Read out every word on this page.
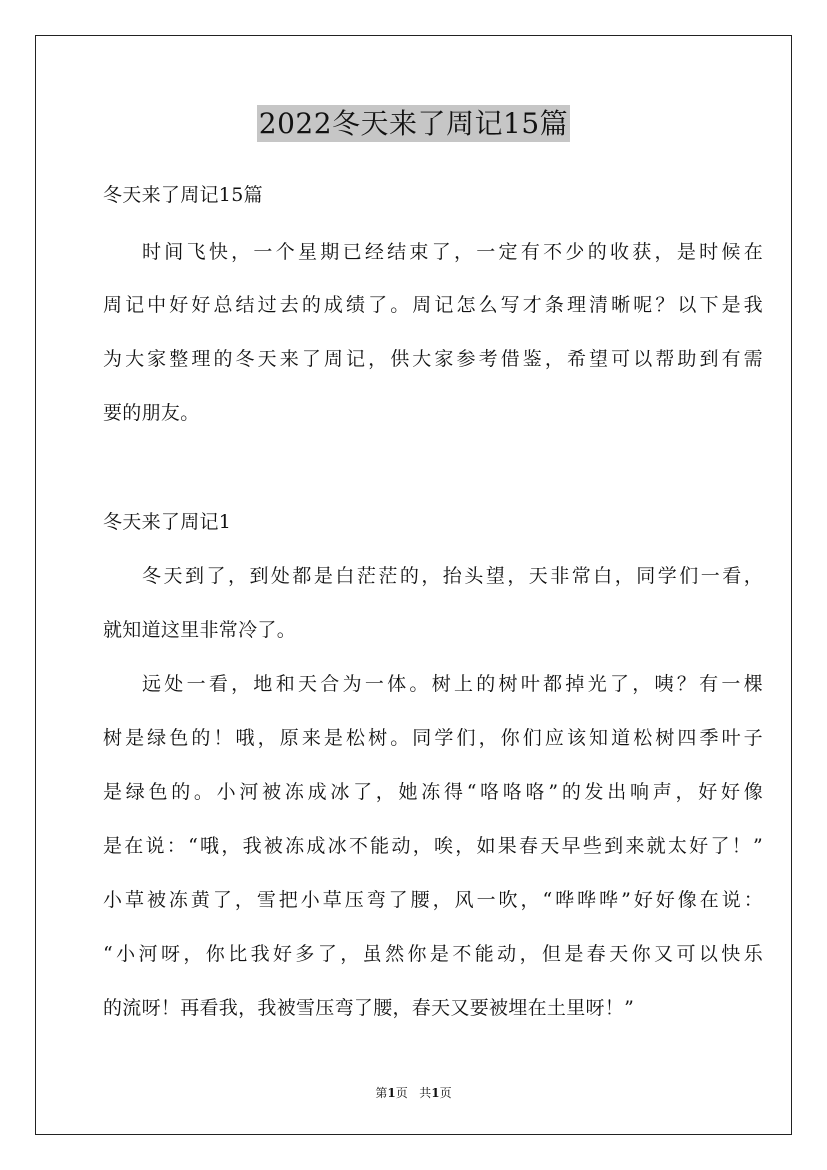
2022冬天来了周记15篇
冬天来了周记15篇
时间飞快，一个星期已经结束了，一定有不少的收获，是时候在
周记中好好总结过去的成绩了。周记怎么写才条理清晰呢？以下是我
为大家整理的冬天来了周记，供大家参考借鉴，希望可以帮助到有需
要的朋友。
冬天来了周记1
冬天到了，到处都是白茫茫的，抬头望，天非常白，同学们一看，
就知道这里非常冷了。
远处一看，地和天合为一体。树上的树叶都掉光了，咦？有一棵
树是绿色的！哦，原来是松树。同学们，你们应该知道松树四季叶子
是绿色的。小河被冻成冰了，她冻得“咯咯咯”的发出响声，好好像
是在说：“哦，我被冻成冰不能动，唉，如果春天早些到来就太好了！”
小草被冻黄了，雪把小草压弯了腰，风一吹，“哗哗哗”好好像在说：
“小河呀，你比我好多了，虽然你是不能动，但是春天你又可以快乐
的流呀！再看我，我被雪压弯了腰，春天又要被埋在土里呀！”
第1页 共1页
